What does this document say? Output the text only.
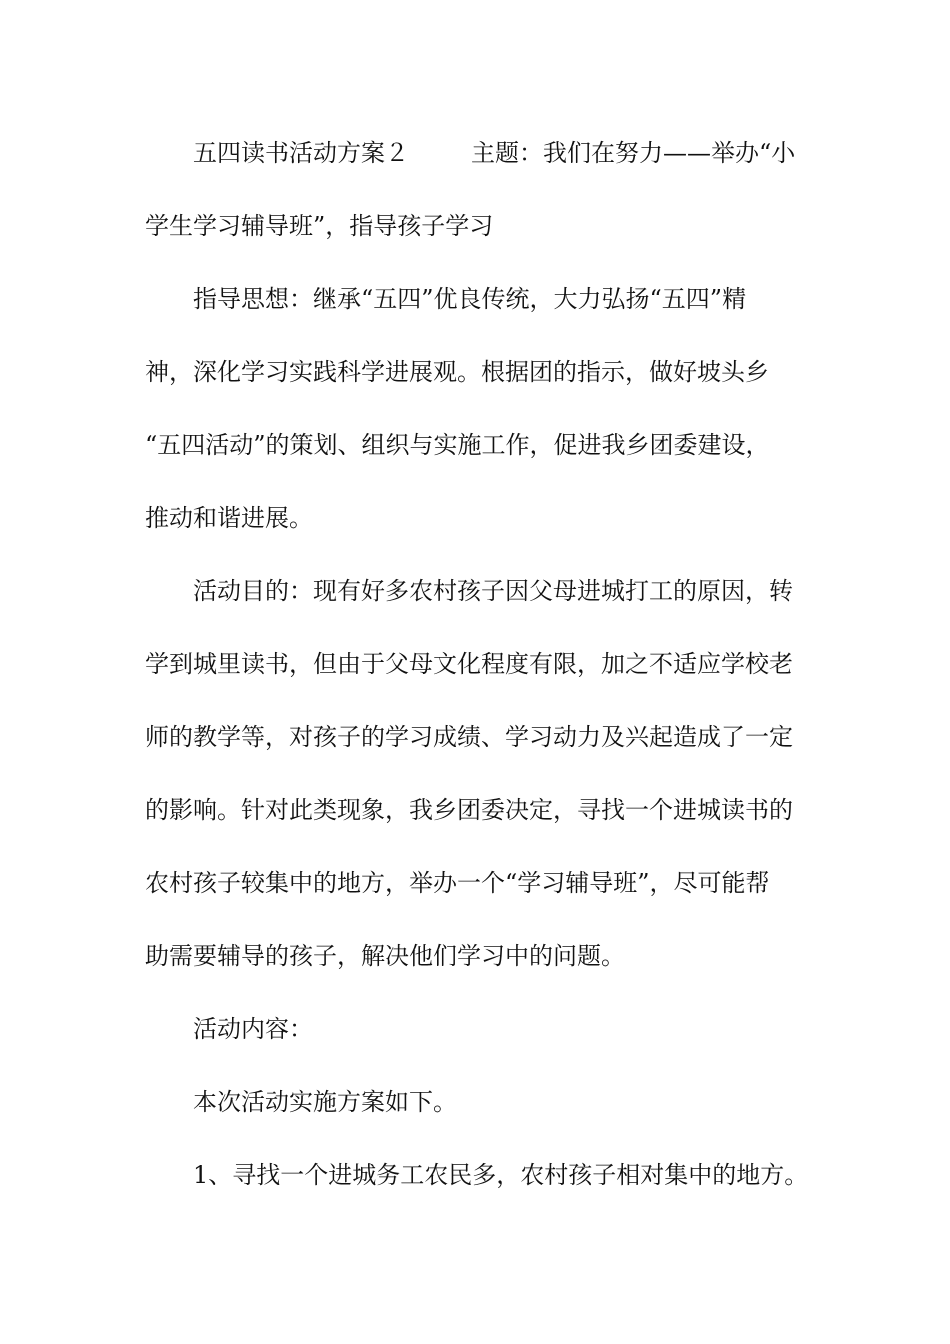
五四读书活动方案２	主题：我们在努力——举办“小
学生学习辅导班”，指导孩子学习
指导思想：继承“五四”优良传统，大力弘扬“五四”精
神，深化学习实践科学进展观。根据团的指示，做好坡头乡
“五四活动”的策划、组织与实施工作，促进我乡团委建设，
推动和谐进展。
活动目的：现有好多农村孩子因父母进城打工的原因，转
学到城里读书，但由于父母文化程度有限，加之不适应学校老
师的教学等，对孩子的学习成绩、学习动力及兴起造成了一定
的影响。针对此类现象，我乡团委决定，寻找一个进城读书的
农村孩子较集中的地方，举办一个“学习辅导班”，尽可能帮
助需要辅导的孩子，解决他们学习中的问题。
活动内容：
本次活动实施方案如下。
1、寻找一个进城务工农民多，农村孩子相对集中的地方。
